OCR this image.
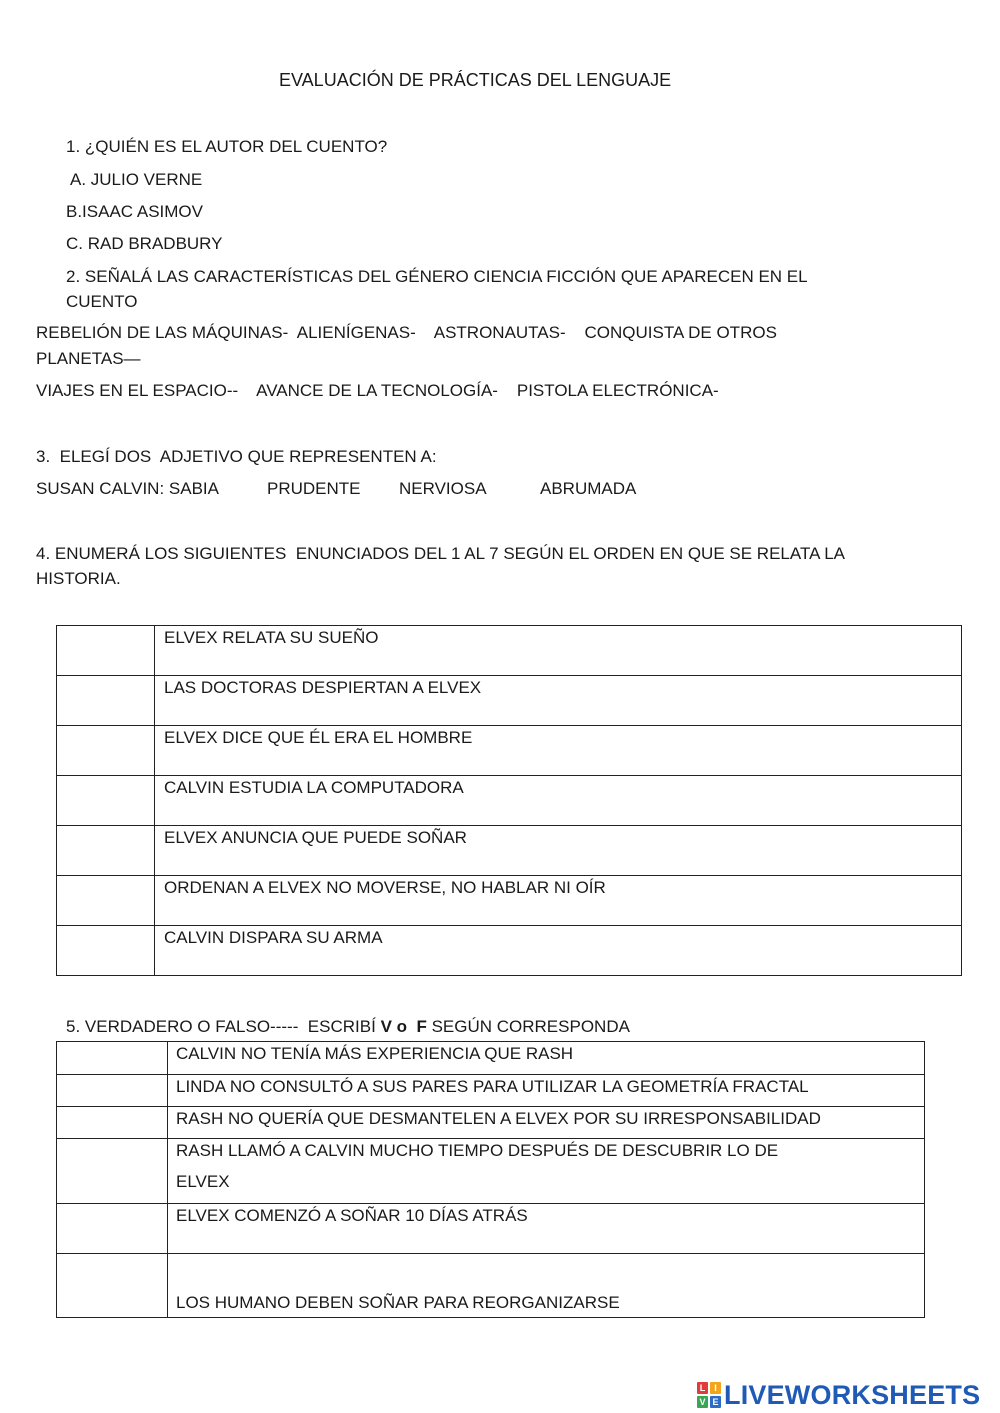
EVALUACIÓN DE PRÁCTICAS DEL LENGUAJE
1. ¿QUIÉN ES EL AUTOR DEL CUENTO?
A. JULIO VERNE
B.ISAAC ASIMOV
C. RAD BRADBURY
2. SEÑALÁ LAS CARACTERÍSTICAS DEL GÉNERO CIENCIA FICCIÓN QUE APARECEN EN EL
CUENTO
REBELIÓN DE LAS MÁQUINAS-  ALIENÍGENAS-    ASTRONAUTAS-    CONQUISTA DE OTROS
PLANETAS—
VIAJES EN EL ESPACIO--    AVANCE DE LA TECNOLOGÍA-    PISTOLA ELECTRÓNICA-
3.  ELEGÍ DOS  ADJETIVO QUE REPRESENTEN A:
SUSAN CALVIN: SABIA	PRUDENTE NERVIOSA	ABRUMADA
4. ENUMERÁ LOS SIGUIENTES  ENUNCIADOS DEL 1 AL 7 SEGÚN EL ORDEN EN QUE SE RELATA LA
HISTORIA.
	ELVEX RELATA SU SUEÑO
	LAS DOCTORAS DESPIERTAN A ELVEX
	ELVEX DICE QUE ÉL ERA EL HOMBRE
	CALVIN ESTUDIA LA COMPUTADORA
	ELVEX ANUNCIA QUE PUEDE SOÑAR
	ORDENAN A ELVEX NO MOVERSE, NO HABLAR NI OÍR
	CALVIN DISPARA SU ARMA
5. VERDADERO O FALSO-----  ESCRIBÍ V o  F SEGÚN CORRESPONDA
	CALVIN NO TENÍA MÁS EXPERIENCIA QUE RASH
	LINDA NO CONSULTÓ A SUS PARES PARA UTILIZAR LA GEOMETRÍA FRACTAL
	RASH NO QUERÍA QUE DESMANTELEN A ELVEX POR SU IRRESPONSABILIDAD

	RASH LLAMÓ A CALVIN MUCHO TIEMPO DESPUÉS DE DESCUBRIR LO DE
ELVEX

	ELVEX COMENZÓ A SOÑAR 10 DÍAS ATRÁS
	LOS HUMANO DEBEN SOÑAR PARA REORGANIZARSE
L I
V E LIVEWORKSHEETS
